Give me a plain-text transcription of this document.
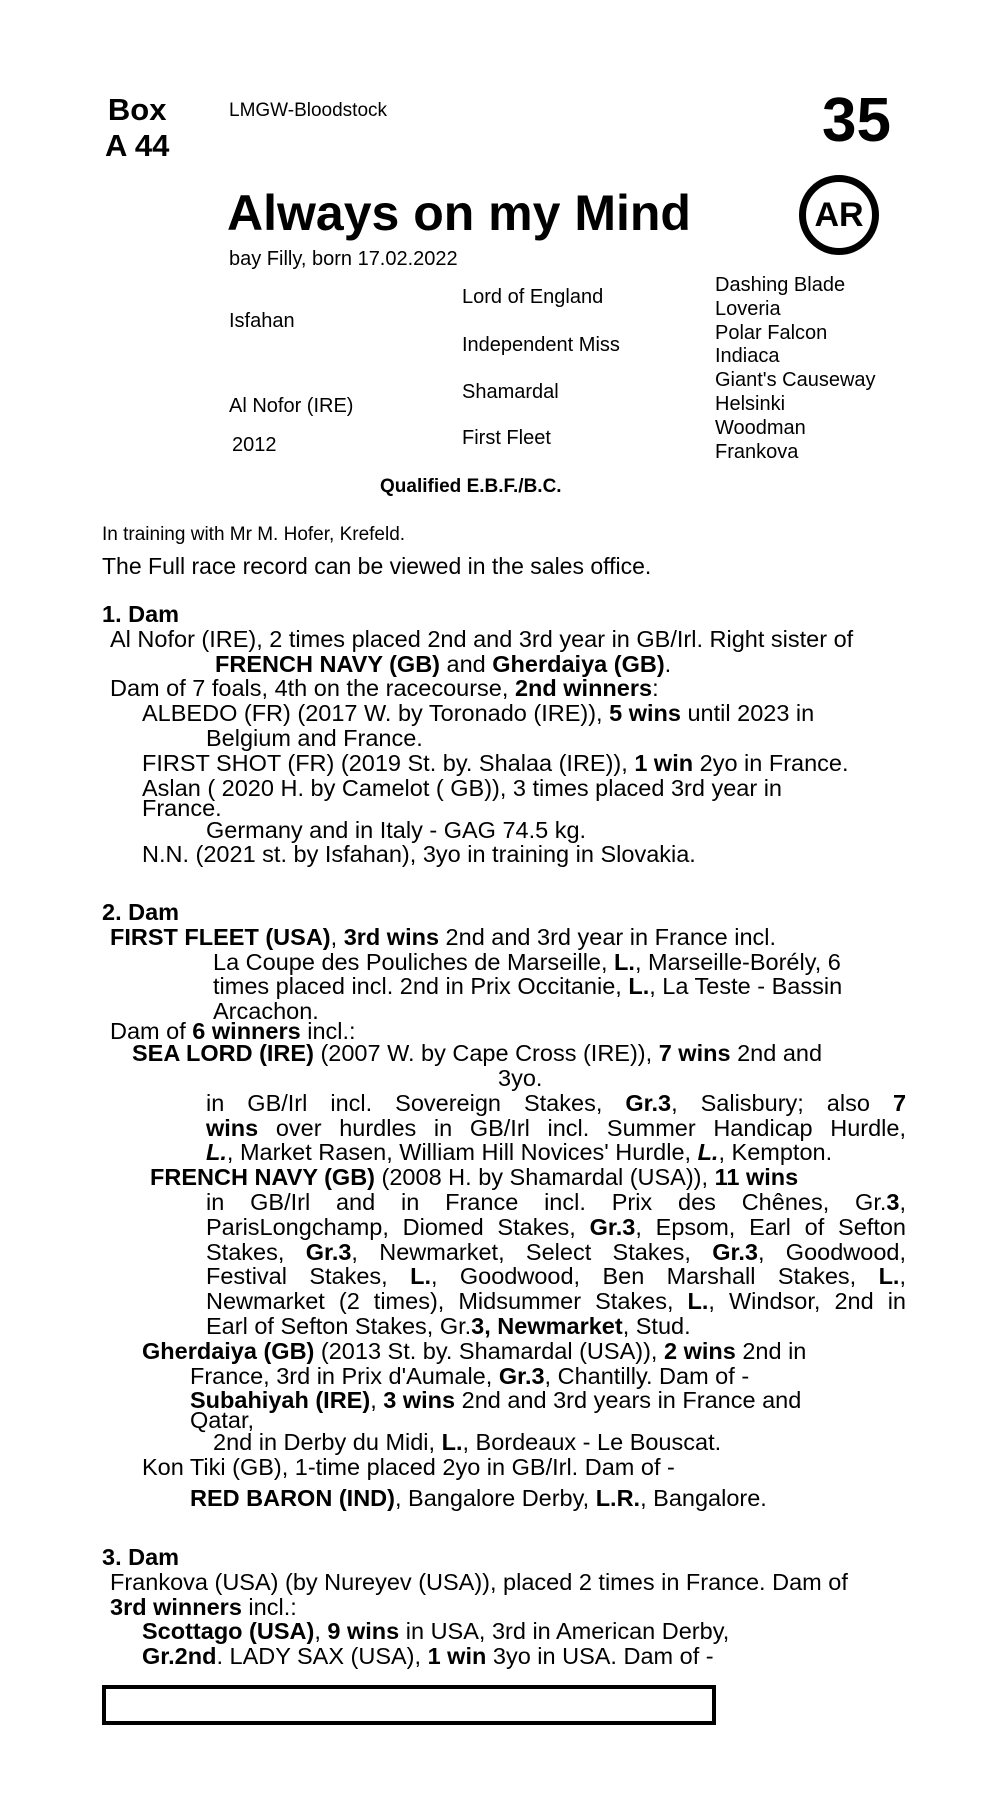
Box
A 44
LMGW-Bloodstock	35
AR
Always on my Mind
bay Filly, born 17.02.2022
Isfahan
Al Nofor (IRE)
2012
Lord of England
Independent Miss
Shamardal
First Fleet
Dashing Blade
Loveria
Polar Falcon
Indiaca
Giant's Causeway
Helsinki
Woodman
Frankova
Qualified E.B.F./B.C.
In training with Mr M. Hofer, Krefeld.
The Full race record can be viewed in the sales office.
1. Dam
Al Nofor (IRE), 2 times placed 2nd and 3rd year in GB/Irl. Right sister of
FRENCH NAVY (GB) and Gherdaiya (GB).
Dam of 7 foals, 4th on the racecourse, 2nd winners:
ALBEDO (FR) (2017 W. by Toronado (IRE)), 5 wins until 2023 in
Belgium and France.
FIRST SHOT (FR) (2019 St. by. Shalaa (IRE)), 1 win 2yo in France.
Aslan ( 2020 H. by Camelot ( GB)), 3 times placed 3rd year in
France.
Germany and in Italy - GAG 74.5 kg.
N.N. (2021 st. by Isfahan), 3yo in training in Slovakia.
2. Dam
FIRST FLEET (USA), 3rd wins 2nd and 3rd year in France incl.
La Coupe des Pouliches de Marseille, L., Marseille-Borély, 6
times placed incl. 2nd in Prix Occitanie, L., La Teste - Bassin
Arcachon.
Dam of 6 winners incl.:
SEA LORD (IRE) (2007 W. by Cape Cross (IRE)), 7 wins 2nd and
3yo.
in GB/Irl incl. Sovereign Stakes, Gr.3, Salisbury; also 7
wins over hurdles in GB/Irl incl. Summer Handicap Hurdle,
L., Market Rasen, William Hill Novices' Hurdle, L., Kempton.
FRENCH NAVY (GB) (2008 H. by Shamardal (USA)), 11 wins
in GB/Irl and in France incl. Prix des Chênes, Gr.3,
ParisLongchamp, Diomed Stakes, Gr.3, Epsom, Earl of Sefton
Stakes, Gr.3, Newmarket, Select Stakes, Gr.3, Goodwood,
Festival Stakes, L., Goodwood, Ben Marshall Stakes, L.,
Newmarket (2 times), Midsummer Stakes, L., Windsor, 2nd in
Earl of Sefton Stakes, Gr.3, Newmarket, Stud.
Gherdaiya (GB) (2013 St. by. Shamardal (USA)), 2 wins 2nd in
France, 3rd in Prix d'Aumale, Gr.3, Chantilly. Dam of -
Subahiyah (IRE), 3 wins 2nd and 3rd years in France and
Qatar,
2nd in Derby du Midi, L., Bordeaux - Le Bouscat.
Kon Tiki (GB), 1-time placed 2yo in GB/Irl. Dam of -
RED BARON (IND), Bangalore Derby, L.R., Bangalore.
3. Dam
Frankova (USA) (by Nureyev (USA)), placed 2 times in France. Dam of
3rd winners incl.:
Scottago (USA), 9 wins in USA, 3rd in American Derby,
Gr.2nd. LADY SAX (USA), 1 win 3yo in USA. Dam of -
